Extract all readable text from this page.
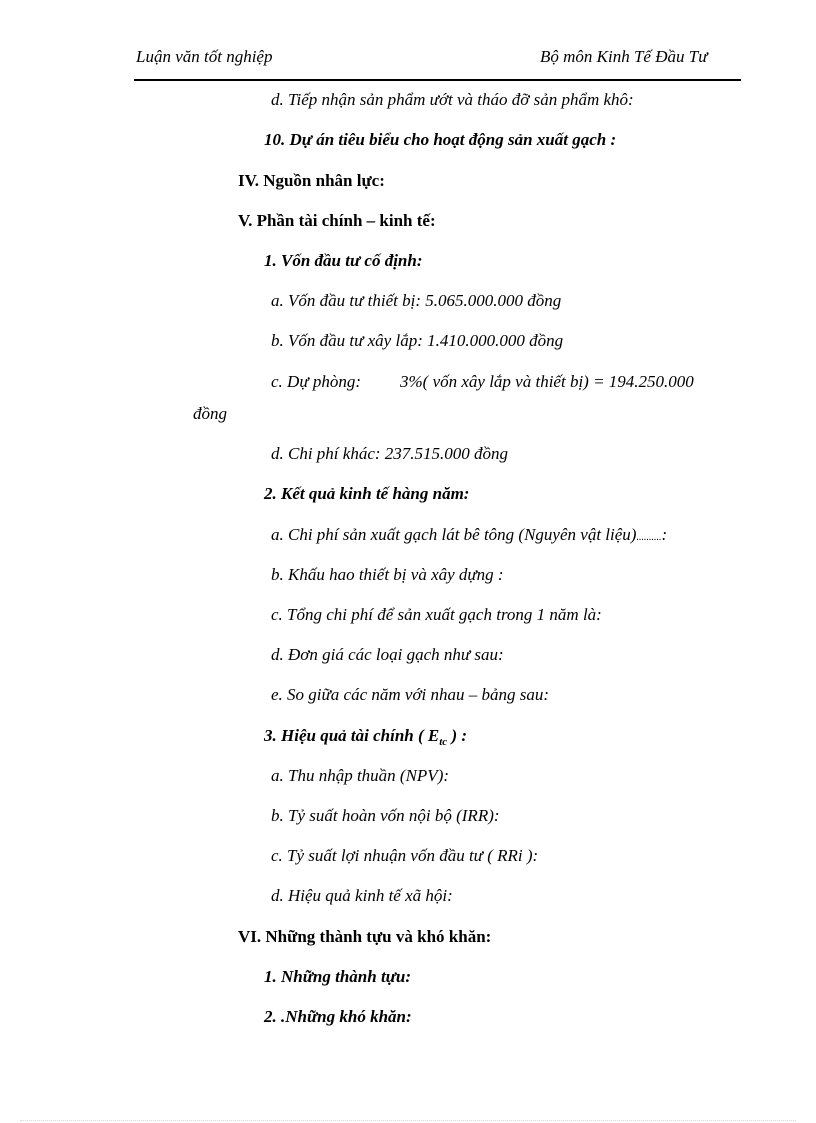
Luận văn tốt nghiệp	Bộ môn Kinh Tế Đầu Tư
d. Tiếp nhận sản phẩm ướt và tháo đỡ sản phẩm khô:
10. Dự án tiêu biểu cho hoạt động sản xuất gạch :
IV. Nguồn nhân lực:
V. Phần tài chính – kinh tế:
1. Vốn đầu tư cố định:
a. Vốn đầu tư thiết bị: 5.065.000.000 đồng
b. Vốn đầu tư xây lắp: 1.410.000.000 đồng
c. Dự phòng: 3%( vốn xây lắp và thiết bị) = 194.250.000
đồng
d. Chi phí khác: 237.515.000 đồng
2. Kết quả kinh tế hàng năm:
a. Chi phí sản xuất gạch lát bê tông (Nguyên vật liệu)..........:
b. Khấu hao thiết bị và xây dựng :
c. Tổng chi phí để sản xuất gạch trong 1 năm là:
d. Đơn giá các loại gạch như sau:
e. So giữa các năm với nhau – bảng sau:
3. Hiệu quả tài chính ( $E_{tc}$ ) :
a. Thu nhập thuần (NPV):
b. Tỷ suất hoàn vốn nội bộ (IRR):
c. Tỷ suất lợi nhuận vốn đầu tư ( RRi ):
d. Hiệu quả kinh tế xã hội:
VI. Những thành tựu và khó khăn:
1. Những thành tựu:
2. .Những khó khăn:
